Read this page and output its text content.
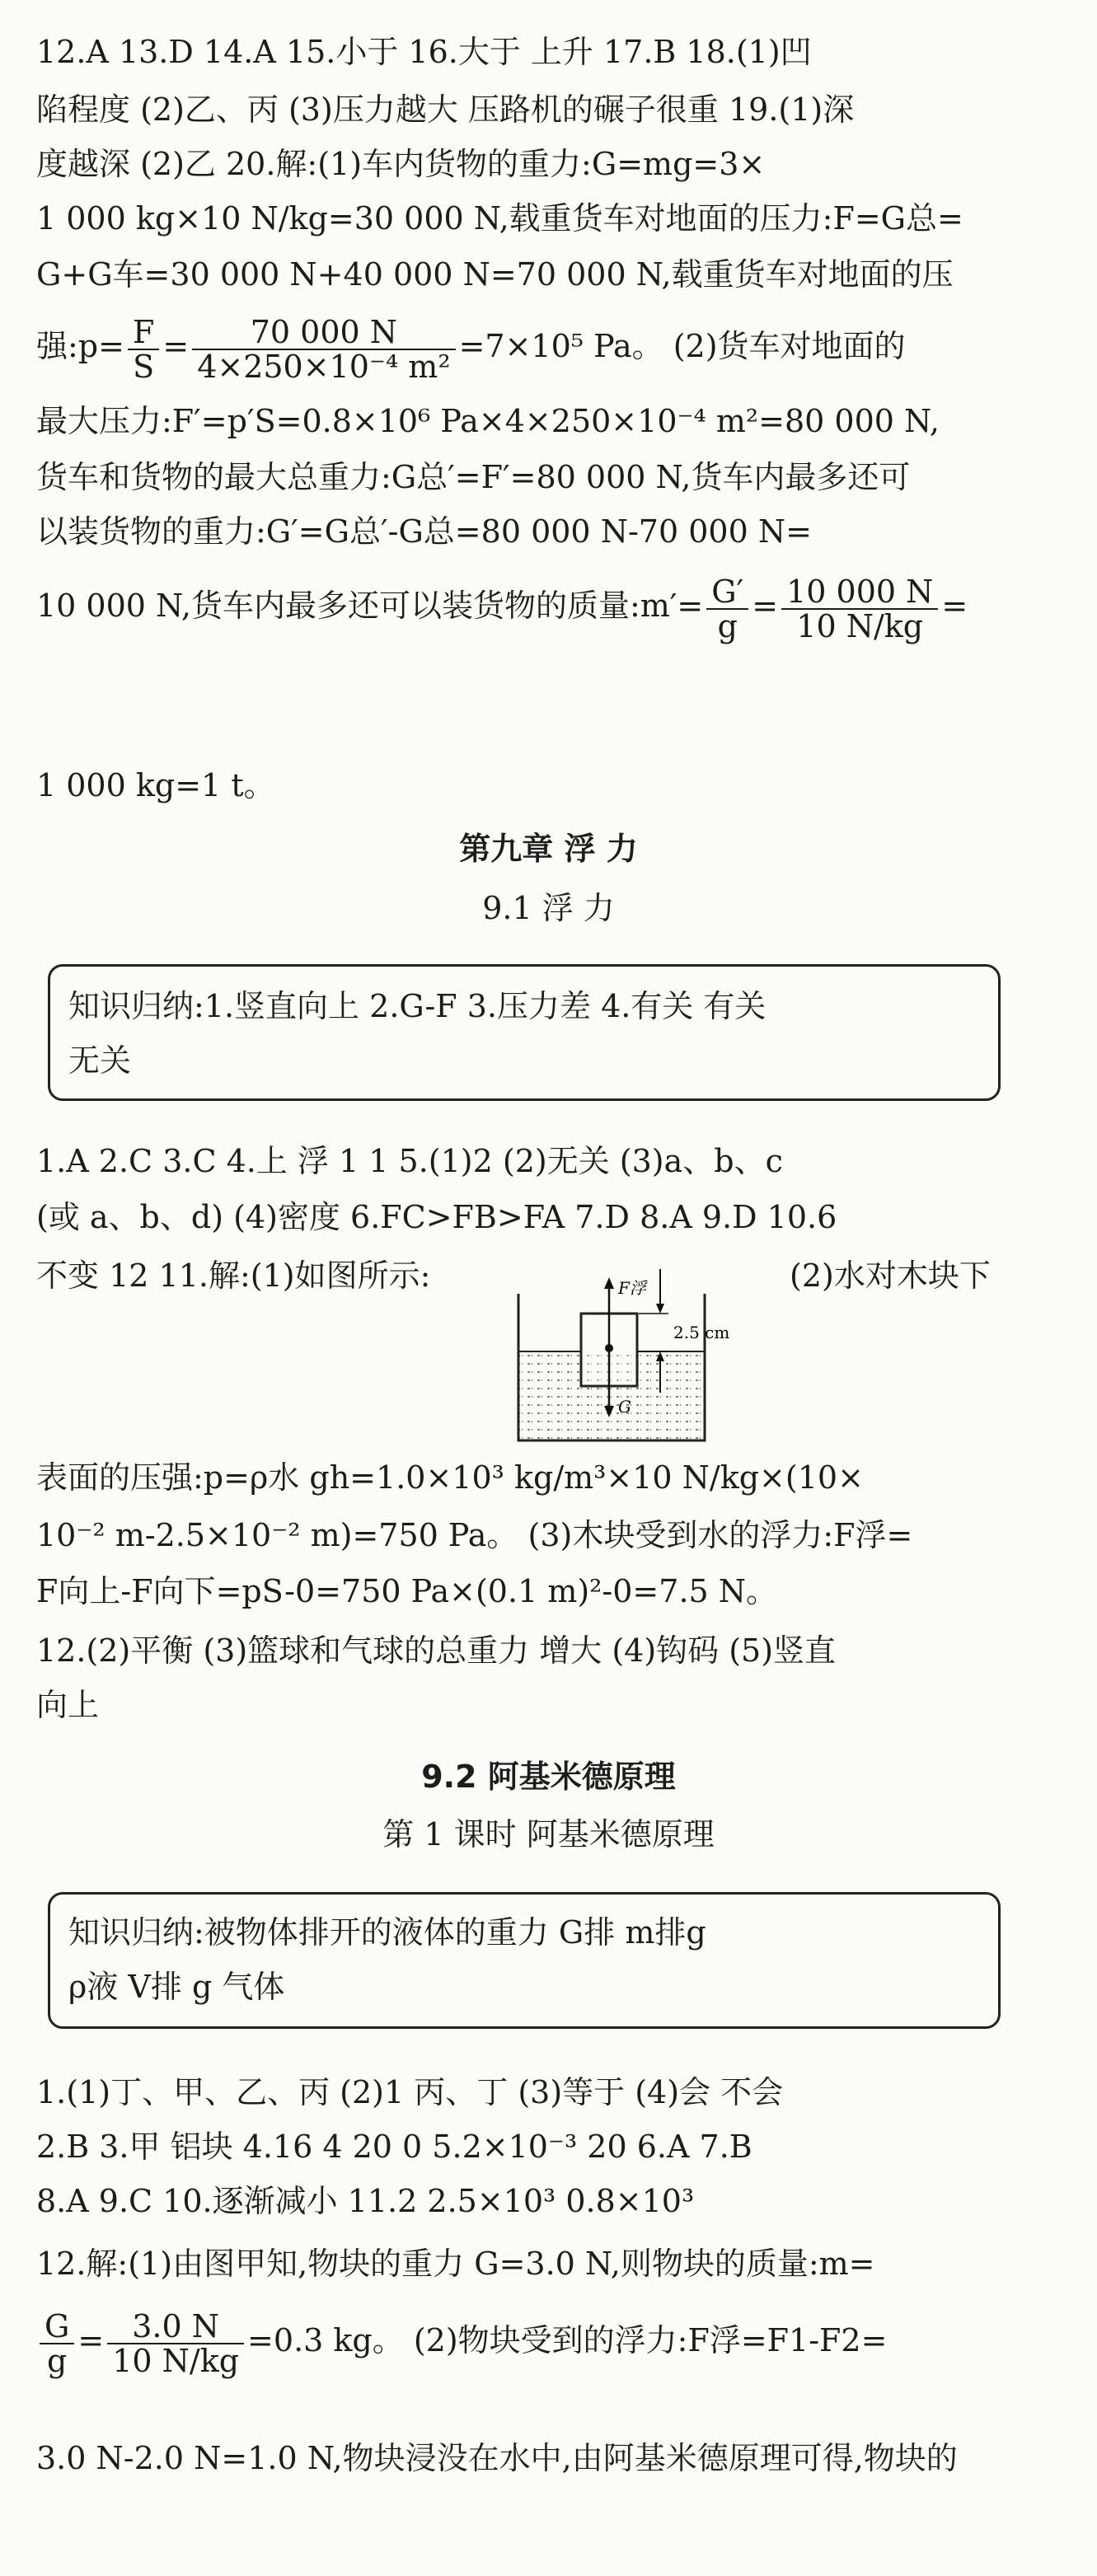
12.A 13.D 14.A 15.小于 16.大于 上升 17.B 18.(1)凹
陷程度 (2)乙、丙 (3)压力越大 压路机的碾子很重 19.(1)深
度越深 (2)乙 20.解:(1)车内货物的重力:G=mg=3×
1 000 kg×10 N/kg=30 000 N,载重货车对地面的压力:F=G总=
G+G车=30 000 N+40 000 N=70 000 N,载重货车对地面的压
强:p= $\frac{F}{S} = \frac{70 000 N}{\text{4×250×10⁻⁴ m²}} =7\times 10^5$ Pa。 (2)货车对地面的
最大压力:F′=p′S=0.8×10⁶ Pa×4×250×10⁻⁴ m²=80 000 N,
货车和货物的最大总重力:G总′=F′=80 000 N,货车内最多还可
以装货物的重力:G′=G总′-G总=80 000 N-70 000 N=
10 000 N,货车内最多还可以装货物的质量:m′= $\frac{G'}{g} = \frac{10 000 N}{10 N/kg}$ =
1 000 kg=1 t。
第九章 浮 力
9.1 浮 力
知识归纳:1.竖直向上 2.G-F 3.压力差 4.有关 有关
无关
1.A 2.C 3.C 4.上 浮 1 1 5.(1)2 (2)无关 (3)a、b、c
(或 a、b、d) (4)密度 6.FC>FB>FA 7.D 8.A 9.D 10.6
不变 12 11.解:(1)如图所示:	(2)水对木块下
F浮
G
2.5 cm
表面的压强:p=ρ水 gh=1.0×10³ kg/m³×10 N/kg×(10×
10⁻² m-2.5×10⁻² m)=750 Pa。 (3)木块受到水的浮力:F浮=
F向上-F向下=pS-0=750 Pa×(0.1 m)²-0=7.5 N。
12.(2)平衡 (3)篮球和气球的总重力 增大 (4)钩码 (5)竖直
向上
9.2 阿基米德原理
第 1 课时 阿基米德原理
知识归纳:被物体排开的液体的重力 G排 m排g
ρ液 V排 g 气体
1.(1)丁、甲、乙、丙 (2)1 丙、丁 (3)等于 (4)会 不会
2.B 3.甲 铝块 4.16 4 20 0 5.2×10⁻³ 20 6.A 7.B
8.A 9.C 10.逐渐减小 11.2 2.5×10³ 0.8×10³
12.解:(1)由图甲知,物块的重力 G=3.0 N,则物块的质量:m=
$\frac{G}{g} = \frac{3.0 N}{10 N/kg} =0.3$ kg。 (2)物块受到的浮力:F浮=F1-F2=
3.0 N-2.0 N=1.0 N,物块浸没在水中,由阿基米德原理可得,物块的
